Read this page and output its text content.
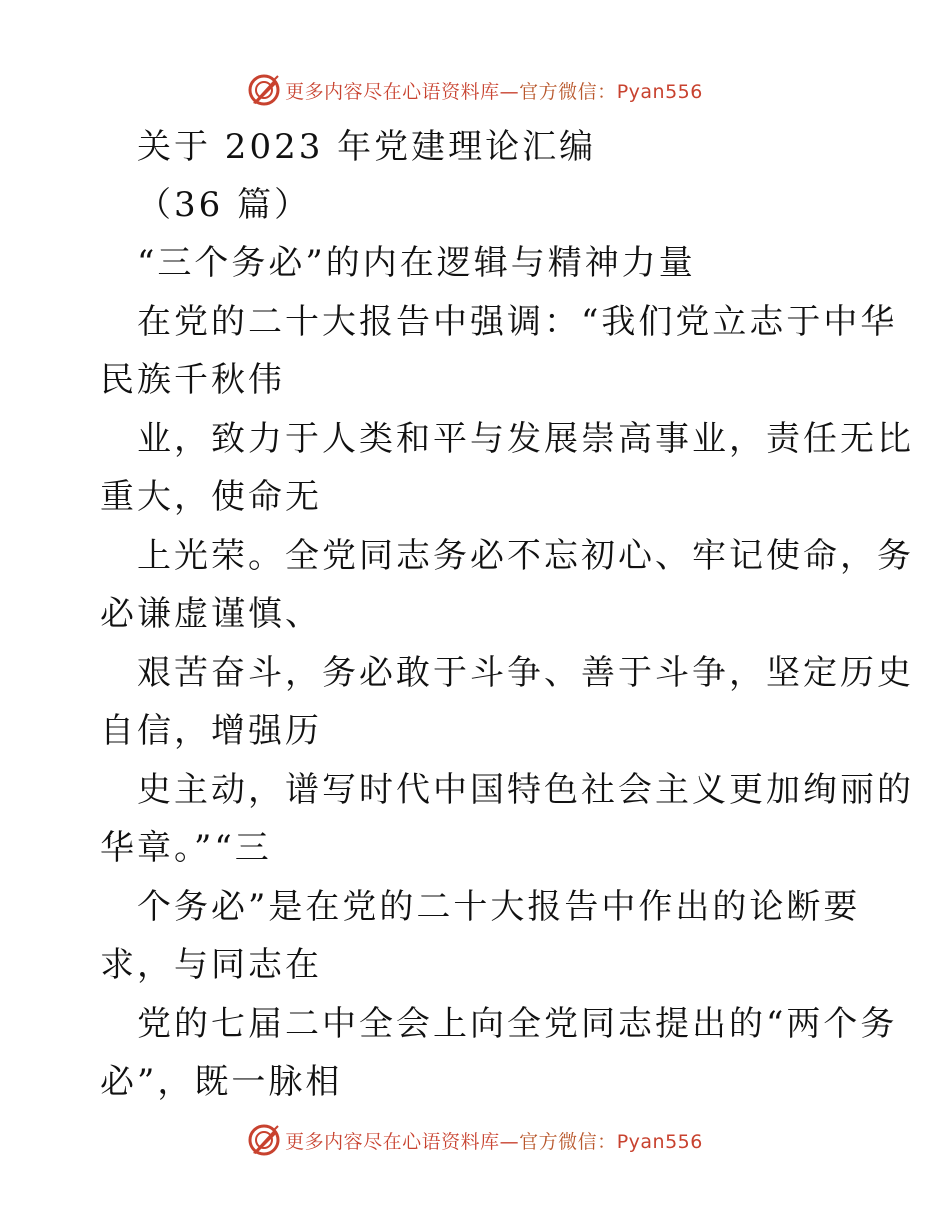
更多内容尽在心语资料库—官方微信：Pyan556
关于 2023 年党建理论汇编
（36 篇）
“三个务必”的内在逻辑与精神力量
在党的二十大报告中强调：“我们党立志于中华
民族千秋伟
业，致力于人类和平与发展崇高事业，责任无比
重大，使命无
上光荣。全党同志务必不忘初心、牢记使命，务
必谦虚谨慎、
艰苦奋斗，务必敢于斗争、善于斗争，坚定历史
自信，增强历
史主动，谱写时代中国特色社会主义更加绚丽的
华章。”“三
个务必”是在党的二十大报告中作出的论断要
求，与同志在
党的七届二中全会上向全党同志提出的“两个务
必”，既一脉相
更多内容尽在心语资料库—官方微信：Pyan556
